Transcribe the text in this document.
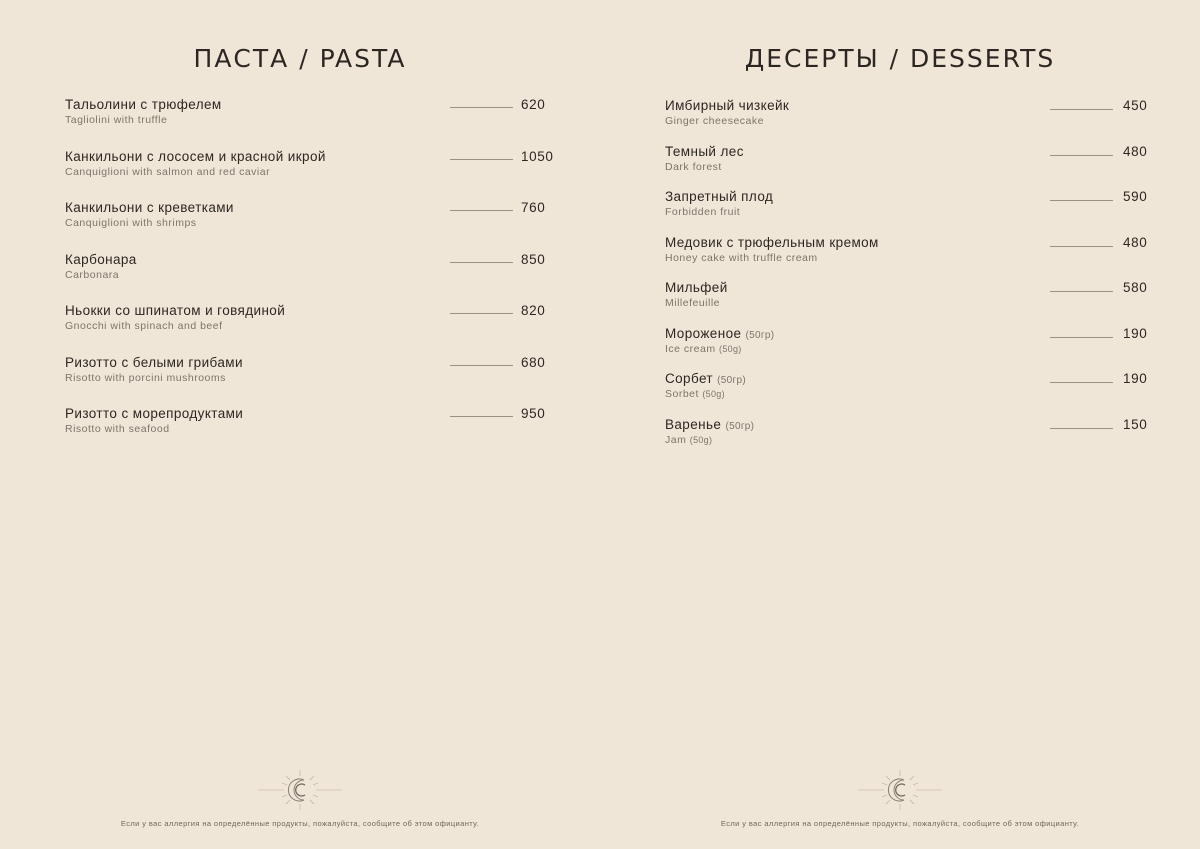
ПАСТА / PASTA
Тальолини с трюфелем
Tagliolini with truffle
620
Канкильони с лососем и красной икрой
Canquiglioni with salmon and red caviar
1050
Канкильони с креветками
Canquiglioni with shrimps
760
Карбонара
Carbonara
850
Ньокки со шпинатом и говядиной
Gnocchi with spinach and beef
820
Ризотто с белыми грибами
Risotto with porcini mushrooms
680
Ризотто с морепродуктами
Risotto with seafood
950

Если у вас аллергия на определённые продукты, пожалуйста, сообщите об этом официанту.

ДЕСЕРТЫ / DESSERTS
Имбирный чизкейк
Ginger cheesecake
450
Темный лес
Dark forest
480
Запретный плод
Forbidden fruit
590
Медовик с трюфельным кремом
Honey cake with truffle cream
480
Мильфей
Millefeuille
580
Мороженое (50гр)
Ice cream (50g)
190
Сорбет (50гр)
Sorbet (50g)
190
Варенье (50гр)
Jam (50g)
150

Если у вас аллергия на определённые продукты, пожалуйста, сообщите об этом официанту.
